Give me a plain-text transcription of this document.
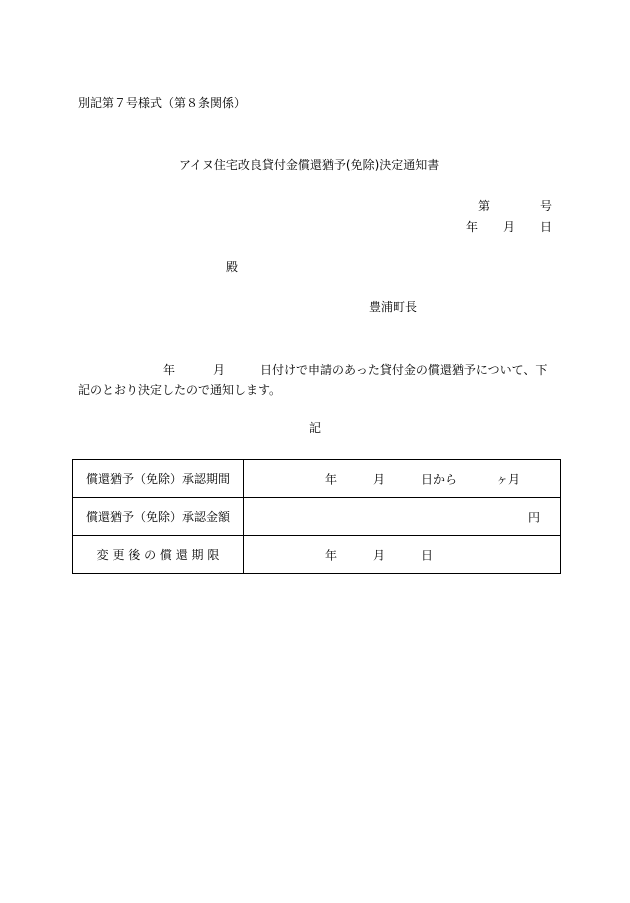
別記第７号様式（第８条関係）
アイヌ住宅改良貸付金償還猶予(免除)決定通知書
第	号
年 月 日
殿
豊浦町長
年	月	日付けで申請のあった貸付金の償還猶予について、下記のとおり決定したので通知します。
記
償還猶予（免除）承認期間	年 月 日から ヶ月

償還猶予（免除）承認金額	円

変 更 後 の 償 還 期 限	年 月 日
